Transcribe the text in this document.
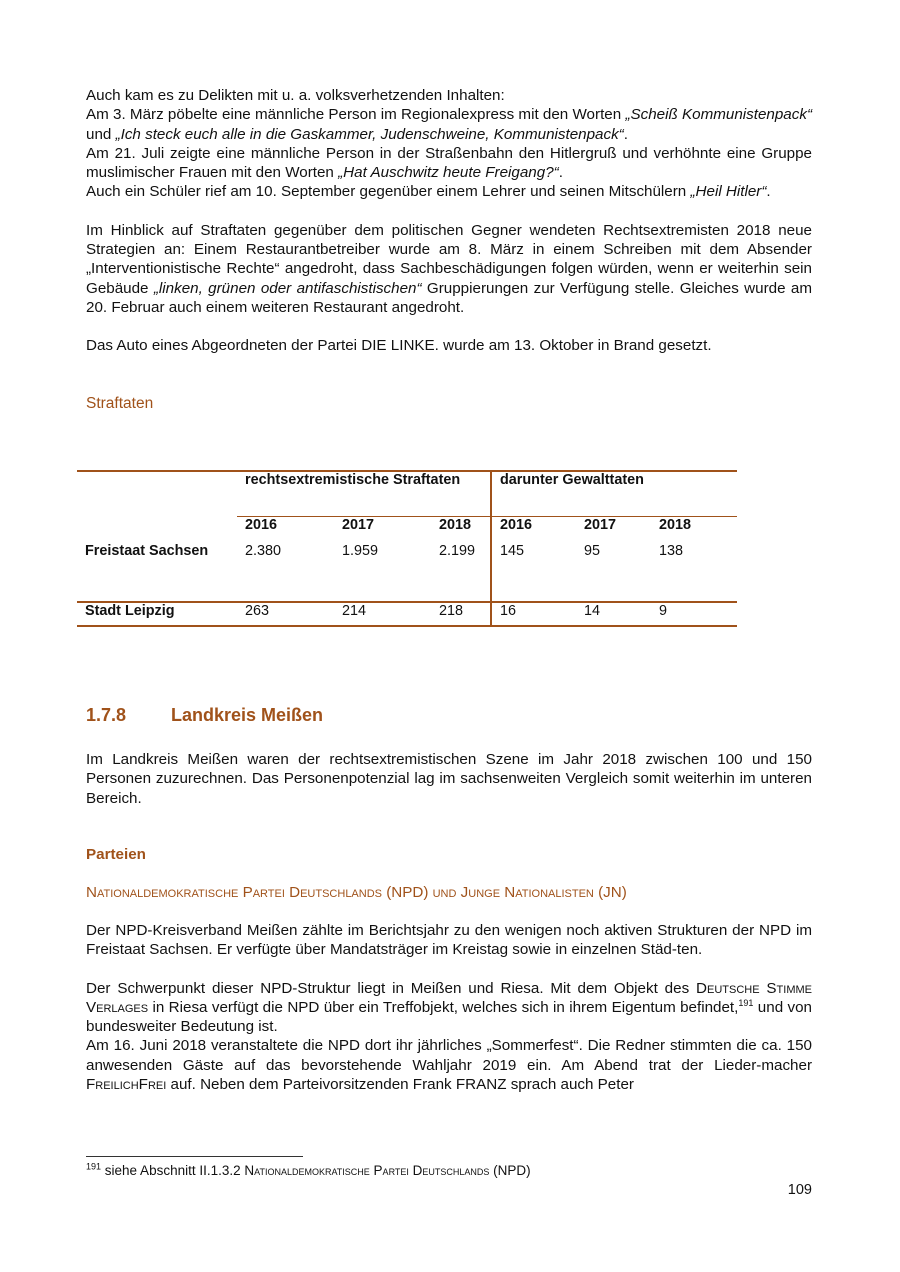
Auch kam es zu Delikten mit u. a. volksverhetzenden Inhalten:

Am 3. März pöbelte eine männliche Person im Regionalexpress mit den Worten „Scheiß Kommunistenpack“ und „Ich steck euch alle in die Gaskammer, Judenschweine, Kommunistenpack“.

Am 21. Juli zeigte eine männliche Person in der Straßenbahn den Hitlergruß und verhöhnte eine Gruppe muslimischer Frauen mit den Worten „Hat Auschwitz heute Freigang?“.

Auch ein Schüler rief am 10. September gegenüber einem Lehrer und seinen Mitschülern „Heil Hitler“.

Im Hinblick auf Straftaten gegenüber dem politischen Gegner wendeten Rechtsextremisten 2018 neue Strategien an: Einem Restaurantbetreiber wurde am 8. März in einem Schreiben mit dem Absender „Interventionistische Rechte“ angedroht, dass Sachbeschädigungen folgen würden, wenn er weiterhin sein Gebäude „linken, grünen oder antifaschistischen“ Gruppierungen zur Verfügung stelle. Gleiches wurde am 20. Februar auch einem weiteren Restaurant angedroht.

Das Auto eines Abgeordneten der Partei DIE LINKE. wurde am 13. Oktober in Brand gesetzt.

Straftaten
	rechtsextremistische Straftaten			darunter Gewalttaten		
	2016	2017	2018	2016	2017	2018
Freistaat Sachsen	2.380	1.959	2.199	145	95	138
Stadt Leipzig	263	214	218	16	14	9
1.7.8 Landkreis Meißen

Im Landkreis Meißen waren der rechtsextremistischen Szene im Jahr 2018 zwischen 100 und 150 Personen zuzurechnen. Das Personenpotenzial lag im sachsenweiten Vergleich somit weiterhin im unteren Bereich.

Parteien
Nationaldemokratische Partei Deutschlands (NPD) und Junge Nationalisten (JN)

Der NPD-Kreisverband Meißen zählte im Berichtsjahr zu den wenigen noch aktiven Strukturen der NPD im Freistaat Sachsen. Er verfügte über Mandatsträger im Kreistag sowie in einzelnen Städ-ten.

Der Schwerpunkt dieser NPD-Struktur liegt in Meißen und Riesa. Mit dem Objekt des Deutsche Stimme Verlages in Riesa verfügt die NPD über ein Treffobjekt, welches sich in ihrem Eigentum befindet,$^{191}$ und von bundesweiter Bedeutung ist.

Am 16. Juni 2018 veranstaltete die NPD dort ihr jährliches „Sommerfest“. Die Redner stimmten die ca. 150 anwesenden Gäste auf das bevorstehende Wahljahr 2019 ein. Am Abend trat der Lieder-macher FreilichFrei auf. Neben dem Parteivorsitzenden Frank FRANZ sprach auch Peter

$^{191}$ siehe Abschnitt II.1.3.2 Nationaldemokratische Partei Deutschlands (NPD)
109
